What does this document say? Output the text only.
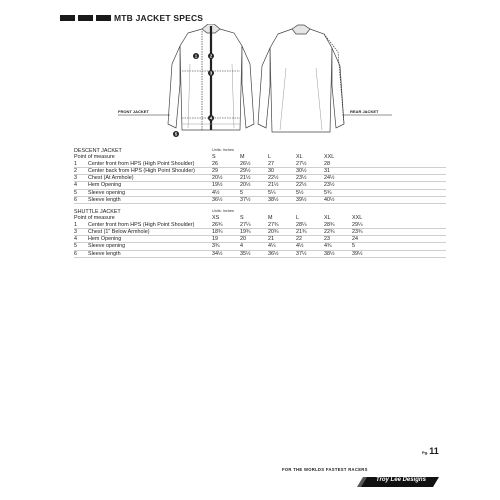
MTB JACKET SPECS
1	2
3
4
5
FRONT JACKET	REAR JACKET
Units: Inches
DESCENT JACKET
Point of measure	S	M	L	XL	XXL
1	Center front from HPS (High Point Shoulder)	26	26½	27	27½	28
2	Center back from HPS (High Point Shoulder)	29	29½	30	30½	31
3	Chest (At Armhole)	20½	21½	22½	23½	24½
4	Hem Opening	19½	20½	21½	22½	23½
5	Sleeve opening	4½	5	5¼	5½	5¾
6	Sleeve length	36½	37½	38½	39½	40½
Units: Inches
SHUTTLE JACKET
Point of measure	XS	S	M	L	XL	XXL
1	Center front from HPS (High Point Shoulder)	26¾	27¼	27¾	28¼	28¾	29¼
3	Chest (1" Below Armhole)	18¾	19¾	20¾	21¾	22¾	23¾
4	Hem Opening	19	20	21	22	23	24
5	Sleeve opening	3¾	4	4¼	4½	4¾	5
6	Sleeve length	34½	35½	36½	37½	38½	39½
Pg.11
FOR THE WORLDS FASTEST RACERS
Troy Lee Designs
